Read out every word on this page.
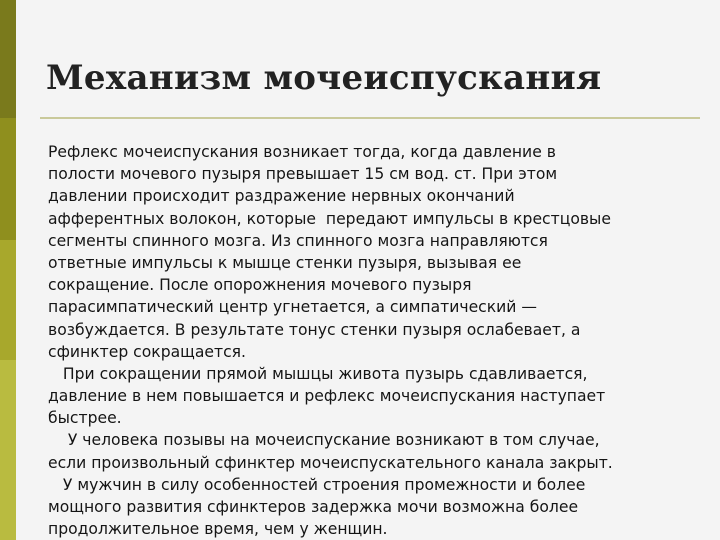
Механизм мочеиспускания
Рефлекс мочеиспускания возникает тогда, когда давление в
полости мочевого пузыря превышает 15 см вод. ст. При этом
давлении происходит раздражение нервных окончаний
афферентных волокон, которые  передают импульсы в крестцовые
сегменты спинного мозга. Из спинного мозга направляются
ответные импульсы к мышце стенки пузыря, вызывая ее
сокращение. После опорожнения мочевого пузыря
парасимпатический центр угнетается, а симпатический —
возбуждается. В результате тонус стенки пузыря ослабевает, а
сфинктер сокращается.
При сокращении прямой мышцы живота пузырь сдавливается,
давление в нем повышается и рефлекс мочеиспускания наступает
быстрее.
У человека позывы на мочеиспускание возникают в том случае,
если произвольный сфинктер мочеиспускательного канала закрыт.
У мужчин в силу особенностей строения промежности и более
мощного развития сфинктеров задержка мочи возможна более
продолжительное время, чем у женщин.
